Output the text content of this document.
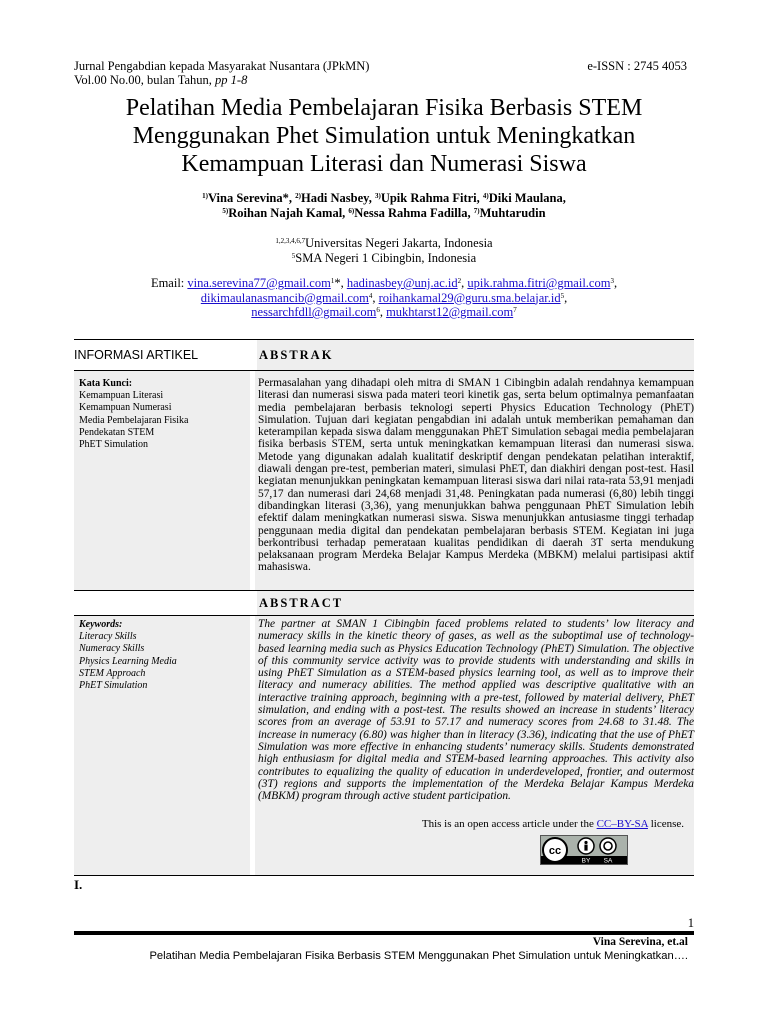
Jurnal Pengabdian kepada Masyarakat Nusantara (JPkMN)	e-ISSN : 2745 4053
Vol.00 No.00, bulan Tahun, pp 1-8
Pelatihan Media Pembelajaran Fisika Berbasis STEM
Menggunakan Phet Simulation untuk Meningkatkan
Kemampuan Literasi dan Numerasi Siswa
$^{1)}$Vina Serevina*, $^{2)}$Hadi Nasbey, $^{3)}$Upik Rahma Fitri, $^{4)}$Diki Maulana,
$^{5)}$Roihan Najah Kamal, $^{6)}$Nessa Rahma Fadilla, $^{7)}$Muhtarudin
$^{1,2,3,4,6,7}$Universitas Negeri Jakarta, Indonesia
$^5$SMA Negeri 1 Cibingbin, Indonesia
Email: vina.serevina77@gmail.com$^1$*, $hadinasbey@unj.ac.id^2$, upik.rahma.fitri@gmail.com$^3$,
dikimaulanasmancib@gmail.com$^4$, $roihankamal29@guru.sma.belajar.id^5$,
nessarchfdll@gmail.com$^6$, mukhtarst12@gmail.com$^7$
INFORMASI ARTIKEL	ABSTRAK
Kata Kunci:
Kemampuan Literasi
Kemampuan Numerasi
Media Pembelajaran Fisika
Pendekatan STEM
PhET Simulation
Permasalahan yang dihadapi oleh mitra di SMAN 1 Cibingbin adalah rendahnya kemampuan literasi dan numerasi siswa pada materi teori kinetik gas, serta belum optimalnya pemanfaatan media pembelajaran berbasis teknologi seperti Physics Education Technology (PhET) Simulation. Tujuan dari kegiatan pengabdian ini adalah untuk memberikan pemahaman dan keterampilan kepada siswa dalam menggunakan PhET Simulation sebagai media pembelajaran fisika berbasis STEM, serta untuk meningkatkan kemampuan literasi dan numerasi siswa. Metode yang digunakan adalah kualitatif deskriptif dengan pendekatan pelatihan interaktif, diawali dengan pre-test, pemberian materi, simulasi PhET, dan diakhiri dengan post-test. Hasil kegiatan menunjukkan peningkatan kemampuan literasi siswa dari nilai rata-rata 53,91 menjadi 57,17 dan numerasi dari 24,68 menjadi 31,48. Peningkatan pada numerasi (6,80) lebih tinggi dibandingkan literasi (3,36), yang menunjukkan bahwa penggunaan PhET Simulation lebih efektif dalam meningkatkan numerasi siswa. Siswa menunjukkan antusiasme tinggi terhadap penggunaan media digital dan pendekatan pembelajaran berbasis STEM. Kegiatan ini juga berkontribusi terhadap pemerataan kualitas pendidikan di daerah 3T serta mendukung pelaksanaan program Merdeka Belajar Kampus Merdeka (MBKM) melalui partisipasi aktif mahasiswa.
ABSTRACT
Keywords:
Literacy Skills
Numeracy Skills
Physics Learning Media
STEM Approach
PhET Simulation
The partner at SMAN 1 Cibingbin faced problems related to students’ low literacy and numeracy skills in the kinetic theory of gases, as well as the suboptimal use of technology-based learning media such as Physics Education Technology (PhET) Simulation. The objective of this community service activity was to provide students with understanding and skills in using PhET Simulation as a STEM-based physics learning tool, as well as to improve their literacy and numeracy abilities. The method applied was descriptive qualitative with an interactive training approach, beginning with a pre-test, followed by material delivery, PhET simulation, and ending with a post-test. The results showed an increase in students’ literacy scores from an average of 53.91 to 57.17 and numeracy scores from 24.68 to 31.48. The increase in numeracy (6.80) was higher than in literacy (3.36), indicating that the use of PhET Simulation was more effective in enhancing students’ numeracy skills. Students demonstrated high enthusiasm for digital media and STEM-based learning approaches. This activity also contributes to equalizing the quality of education in underdeveloped, frontier, and outermost (3T) regions and supports the implementation of the Merdeka Belajar Kampus Merdeka (MBKM) program through active student participation.
This is an open access article under the CC–BY-SA license.
cc
BY SA
I.
1
Vina Serevina, et.al
Pelatihan Media Pembelajaran Fisika Berbasis STEM Menggunakan Phet Simulation untuk Meningkatkan….
